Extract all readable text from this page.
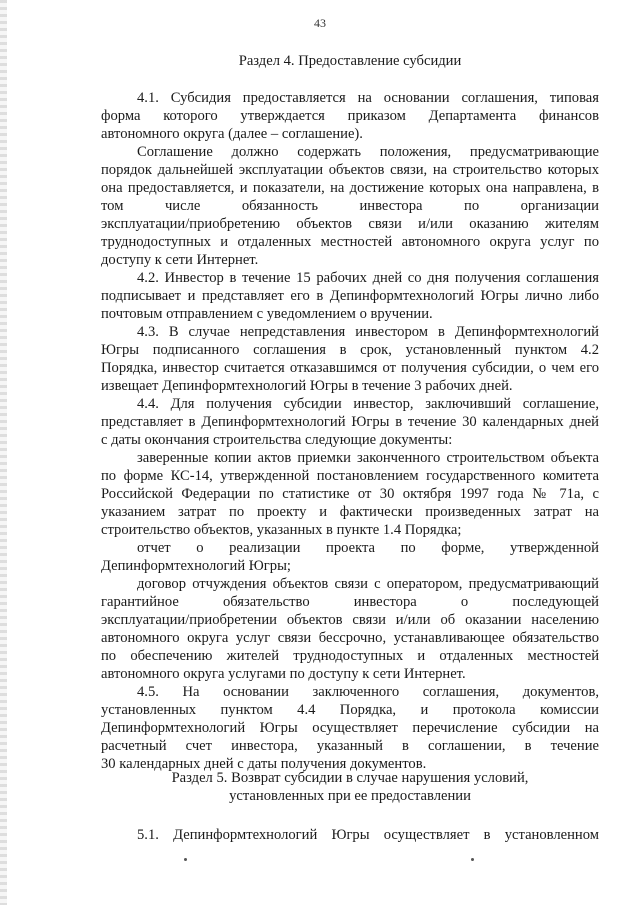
43
Раздел 4. Предоставление субсидии
4.1. Субсидия предоставляется на основании соглашения, типовая
форма которого утверждается приказом Департамента финансов
автономного округа (далее – соглашение).
Соглашение должно содержать положения, предусматривающие
порядок дальнейшей эксплуатации объектов связи, на строительство которых
она предоставляется, и показатели, на достижение которых она направлена, в
том числе обязанность инвестора по организации
эксплуатации/приобретению объектов связи и/или оказанию жителям
труднодоступных и отдаленных местностей автономного округа услуг по
доступу к сети Интернет.
4.2. Инвестор в течение 15 рабочих дней со дня получения соглашения
подписывает и представляет его в Депинформтехнологий Югры лично либо
почтовым отправлением с уведомлением о вручении.
4.3. В случае непредставления инвестором в Депинформтехнологий
Югры подписанного соглашения в срок, установленный пунктом 4.2
Порядка, инвестор считается отказавшимся от получения субсидии, о чем его
извещает Депинформтехнологий Югры в течение 3 рабочих дней.
4.4. Для получения субсидии инвестор, заключивший соглашение,
представляет в Депинформтехнологий Югры в течение 30 календарных дней
с даты окончания строительства следующие документы:
заверенные копии актов приемки законченного строительством объекта
по форме КС-14, утвержденной постановлением государственного комитета
Российской Федерации по статистике от 30 октября 1997 года № 71а, с
указанием затрат по проекту и фактически произведенных затрат на
строительство объектов, указанных в пункте 1.4 Порядка;
отчет о реализации проекта по форме, утвержденной
Депинформтехнологий Югры;
договор отчуждения объектов связи с оператором, предусматривающий
гарантийное обязательство инвестора о последующей
эксплуатации/приобретении объектов связи и/или об оказании населению
автономного округа услуг связи бессрочно, устанавливающее обязательство
по обеспечению жителей труднодоступных и отдаленных местностей
автономного округа услугами по доступу к сети Интернет.
4.5. На основании заключенного соглашения, документов,
установленных пунктом 4.4 Порядка, и протокола комиссии
Депинформтехнологий Югры осуществляет перечисление субсидии на
расчетный счет инвестора, указанный в соглашении, в течение
30 календарных дней с даты получения документов.
Раздел 5. Возврат субсидии в случае нарушения условий,
установленных при ее предоставлении
5.1. Депинформтехнологий Югры осуществляет в установленном
